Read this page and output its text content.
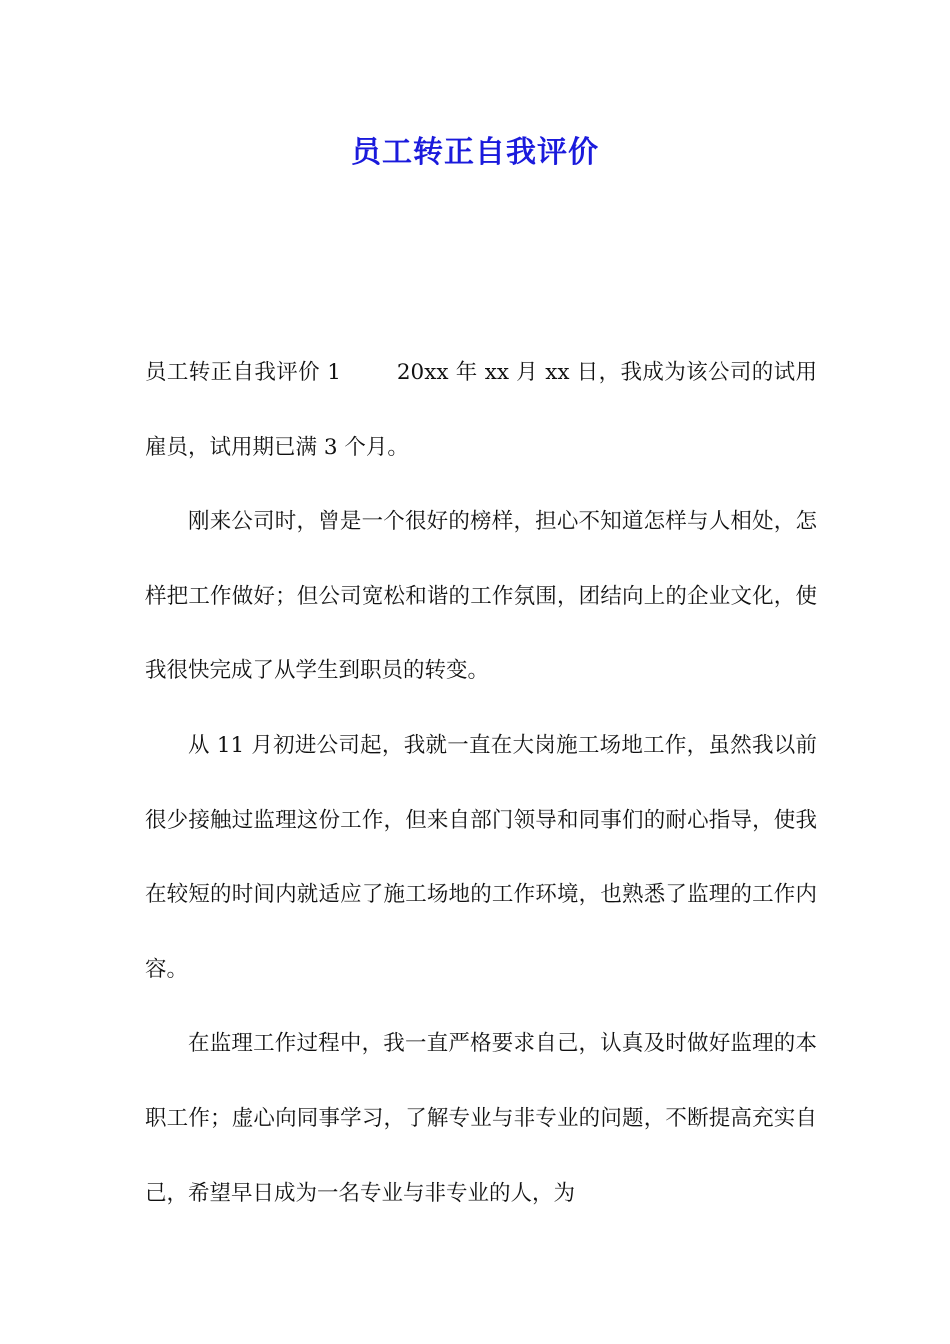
员工转正自我评价

员工转正自我评价 1	20xx 年 xx 月 xx 日，我成为该公司的试用雇员，试用期已满 3 个月。

刚来公司时，曾是一个很好的榜样，担心不知道怎样与人相处，怎样把工作做好；但公司宽松和谐的工作氛围，团结向上的企业文化，使我很快完成了从学生到职员的转变。

从 11 月初进公司起，我就一直在大岗施工场地工作，虽然我以前很少接触过监理这份工作，但来自部门领导和同事们的耐心指导，使我在较短的时间内就适应了施工场地的工作环境，也熟悉了监理的工作内容。

在监理工作过程中，我一直严格要求自己，认真及时做好监理的本职工作；虚心向同事学习，了解专业与非专业的问题，不断提高充实自己，希望早日成为一名专业与非专业的人，为
